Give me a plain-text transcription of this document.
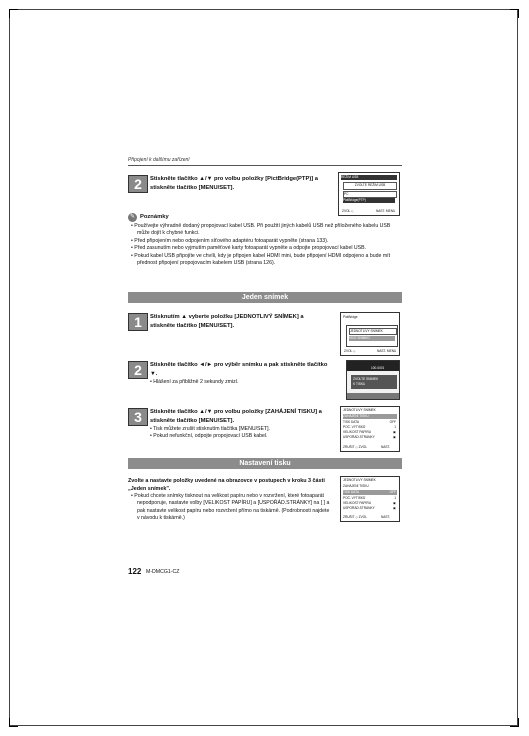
Připojení k dalšímu zařízení
2	Stiskněte tlačítko ▲/▼ pro volbu položky [PictBridge(PTP)] a stiskněte tlačítko [MENU/SET].
REŽIM USB
ZVOLTE REŽIM USB
PC
PictBridge(PTP)
ZVOL ◇	NAST. MENU
✎ Poznámky
• Používejte výhradně dodaný propojovací kabel USB. Při použití jiných kabelů USB než přiloženého kabelu USB může dojít k chybné funkci.
• Před připojením nebo odpojením síťového adaptéru fotoaparát vypněte (strana 133).
• Před zasunutím nebo vyjmutím paměťové karty fotoaparát vypněte a odpojte propojovací kabel USB.
• Pokud kabel USB připojíte ve chvíli, kdy je připojen kabel HDMI mini, bude připojení HDMI odpojeno a bude mít přednost připojení propojovacím kabelem USB (strana 126).
Jeden snímek
1	Stisknutím ▲ vyberte položku [JEDNOTLIVÝ SNÍMEK] a stiskněte tlačítko [MENU/SET].
PictBridge
JEDNOTLIVÝ SNÍMEK
VÍCE SNÍMKŮ
ZVOL ◇	NAST. MENU
2	Stiskněte tlačítko ◄/► pro výběr snímku a pak stiskněte tlačítko ▼.
• Hlášení za přibližně 2 sekundy zmizí.
100-0001
ZVOLTE SNÍMEK
K TISKU
3	Stiskněte tlačítko ▲/▼ pro volbu položky [ZAHÁJENÍ TISKU] a stiskněte tlačítko [MENU/SET].
• Tisk můžete zrušit stisknutím tlačítka [MENU/SET].
• Pokud nefunkční, odpojte propojovací USB kabel.
JEDNOTLIVÝ SNÍMEK
ZAHÁJENÍ TISKU
TISK DATA	OFF
POČ. VÝTISKŮ	1
VELIKOST PAPÍRU	▣
USPOŘÁD.STRÁNKY	▣
ZRUŠIT ◇ ZVOL	NAST.
Nastavení tisku
Zvolte a nastavte položky uvedené na obrazovce v postupech v kroku 3 části „Jeden snímek".
• Pokud chcete snímky tisknout na velikost papíru nebo v rozvržení, které fotoaparát nepodporuje, nastavte volby [VELIKOST PAPÍRU] a [USPOŘÁD.STRÁNKY] na [ ] a pak nastavte velikost papíru nebo rozvržení přímo na tiskárně. (Podrobnosti najdete v návodu k tiskárně.)
JEDNOTLIVÝ SNÍMEK
ZAHÁJENÍ TISKU
TISK DATA	OFF
POČ. VÝTISKŮ	1
VELIKOST PAPÍRU	▣
USPOŘÁD.STRÁNKY	▣
ZRUŠIT ◇ ZVOL	NAST.
122 M-DMCG1-CZ
